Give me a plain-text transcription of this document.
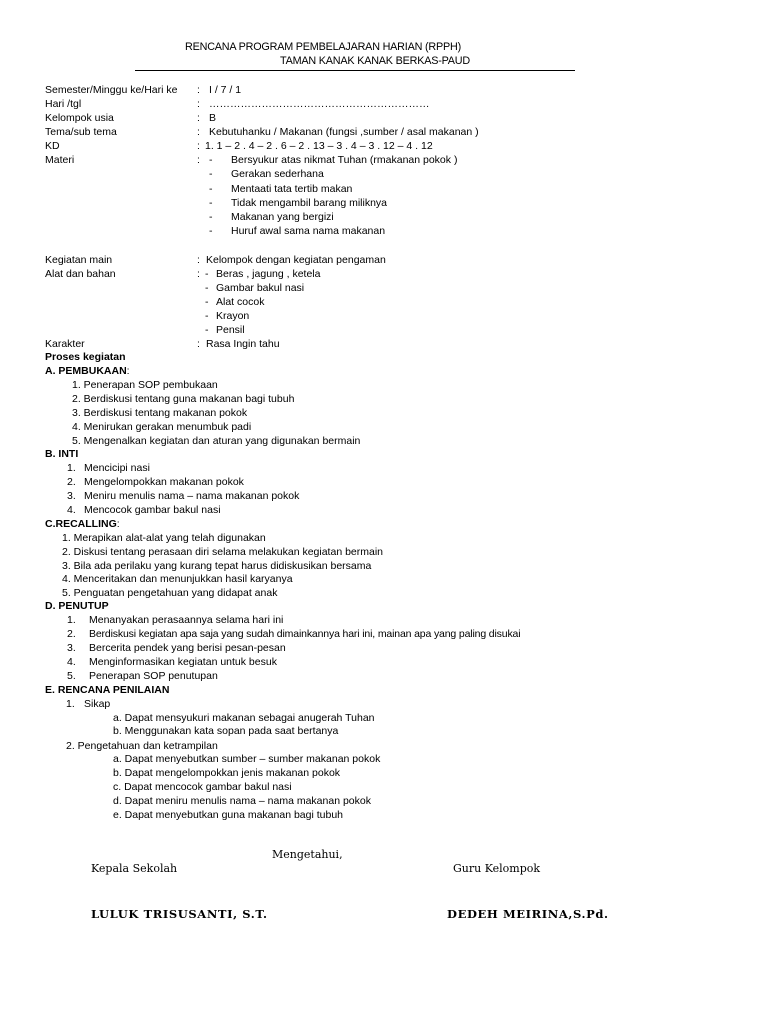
RENCANA PROGRAM PEMBELAJARAN HARIAN (RPPH)
TAMAN KANAK KANAK BERKAS-PAUD
Semester/Minggu ke/Hari ke : I / 7 / 1
Hari /tgl	: ………………………………………………………
Kelompok usia	: B
Tema/sub tema	: Kebutuhanku / Makanan (fungsi ,sumber / asal makanan )
KD	: 1. 1 – 2 . 4 – 2 . 6 – 2 . 13 – 3 . 4 – 3 . 12 – 4 . 12
Materi	: - Bersyukur atas nikmat Tuhan (rmakanan pokok )
- Gerakan sederhana
- Mentaati tata tertib makan
- Tidak mengambil barang miliknya
- Makanan yang bergizi
- Huruf awal sama nama makanan
Kegiatan main	: Kelompok dengan kegiatan pengaman
Alat dan bahan	: - Beras , jagung , ketela
- Gambar bakul nasi
- Alat cocok
- Krayon
- Pensil
Karakter	: Rasa Ingin tahu
Proses kegiatan
A. PEMBUKAAN:
1. Penerapan SOP pembukaan
2. Berdiskusi tentang guna makanan bagi tubuh
3. Berdiskusi tentang makanan pokok
4. Menirukan gerakan menumbuk padi
5. Mengenalkan kegiatan dan aturan yang digunakan bermain
B. INTI
1. Mencicipi nasi
2. Mengelompokkan makanan pokok
3. Meniru menulis nama – nama makanan pokok
4. Mencocok gambar bakul nasi
C.RECALLING:
1. Merapikan alat-alat yang telah digunakan
2. Diskusi tentang perasaan diri selama melakukan kegiatan bermain
3. Bila ada perilaku yang kurang tepat harus didiskusikan bersama
4. Menceritakan dan menunjukkan hasil karyanya
5. Penguatan pengetahuan yang didapat anak
D. PENUTUP
1. Menanyakan perasaannya selama hari ini
2. Berdiskusi kegiatan apa saja yang sudah dimainkannya hari ini, mainan apa yang paling disukai
3. Bercerita pendek yang berisi pesan-pesan
4. Menginformasikan kegiatan untuk besuk
5. Penerapan SOP penutupan
E. RENCANA PENILAIAN
1. Sikap
a. Dapat mensyukuri makanan sebagai anugerah Tuhan
b. Menggunakan kata sopan pada saat bertanya
2. Pengetahuan dan ketrampilan
a. Dapat menyebutkan sumber – sumber makanan pokok
b. Dapat mengelompokkan jenis makanan pokok
c. Dapat mencocok gambar bakul nasi
d. Dapat meniru menulis nama – nama makanan pokok
e. Dapat menyebutkan guna makanan bagi tubuh
Mengetahui,
Kepala Sekolah	Guru Kelompok
LULUK TRISUSANTI, S.T.	DEDEH MEIRINA,S.Pd.
